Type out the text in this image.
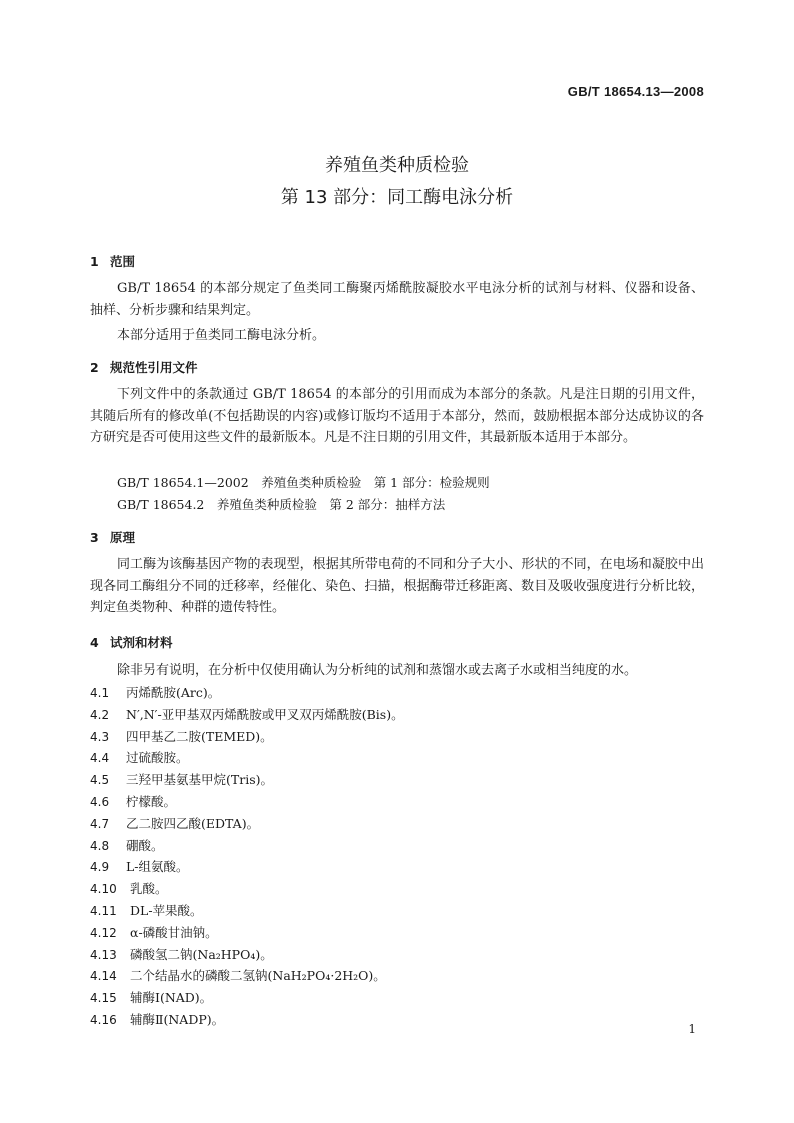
GB/T 18654.13—2008
养殖鱼类种质检验
第 13 部分：同工酶电泳分析
1 范围
GB/T 18654 的本部分规定了鱼类同工酶聚丙烯酰胺凝胶水平电泳分析的试剂与材料、仪器和设备、抽样、分析步骤和结果判定。
本部分适用于鱼类同工酶电泳分析。
2 规范性引用文件
下列文件中的条款通过 GB/T 18654 的本部分的引用而成为本部分的条款。凡是注日期的引用文件，其随后所有的修改单(不包括勘误的内容)或修订版均不适用于本部分，然而，鼓励根据本部分达成协议的各方研究是否可使用这些文件的最新版本。凡是不注日期的引用文件，其最新版本适用于本部分。
GB/T 18654.1—2002　养殖鱼类种质检验　第 1 部分：检验规则
GB/T 18654.2　养殖鱼类种质检验　第 2 部分：抽样方法
3 原理
同工酶为该酶基因产物的表现型，根据其所带电荷的不同和分子大小、形状的不同，在电场和凝胶中出现各同工酶组分不同的迁移率，经催化、染色、扫描，根据酶带迁移距离、数目及吸收强度进行分析比较，判定鱼类物种、种群的遗传特性。
4 试剂和材料
除非另有说明，在分析中仅使用确认为分析纯的试剂和蒸馏水或去离子水或相当纯度的水。
4.1 丙烯酰胺(Arc)。
4.2 N′,N′-亚甲基双丙烯酰胺或甲叉双丙烯酰胺(Bis)。
4.3 四甲基乙二胺(TEMED)。
4.4 过硫酸胺。
4.5 三羟甲基氨基甲烷(Tris)。
4.6 柠檬酸。
4.7 乙二胺四乙酸(EDTA)。
4.8 硼酸。
4.9 L-组氨酸。
4.10 乳酸。
4.11 DL-苹果酸。
4.12 α-磷酸甘油钠。
4.13 磷酸氢二钠(Na₂HPO₄)。
4.14 二个结晶水的磷酸二氢钠(NaH₂PO₄·2H₂O)。
4.15 辅酶Ⅰ(NAD)。
4.16 辅酶Ⅱ(NADP)。
1
